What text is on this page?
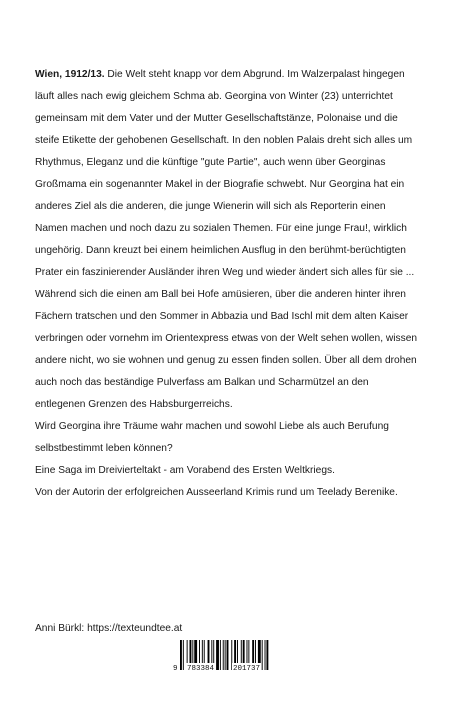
Wien, 1912/13. Die Welt steht knapp vor dem Abgrund. Im Walzerpalast hingegen läuft alles nach ewig gleichem Schma ab. Georgina von Winter (23) unterrichtet gemeinsam mit dem Vater und der Mutter Gesellschaftstänze, Polonaise und die steife Etikette der gehobenen Gesellschaft. In den noblen Palais dreht sich alles um Rhythmus, Eleganz und die künftige "gute Partie", auch wenn über Georginas Großmama ein sogenannter Makel in der Biografie schwebt. Nur Georgina hat ein anderes Ziel als die anderen, die junge Wienerin will sich als Reporterin einen Namen machen und noch dazu zu sozialen Themen. Für eine junge Frau!, wirklich ungehörig. Dann kreuzt bei einem heimlichen Ausflug in den berühmt-berüchtigten Prater ein faszinierender Ausländer ihren Weg und wieder ändert sich alles für sie ...

Während sich die einen am Ball bei Hofe amüsieren, über die anderen hinter ihren Fächern tratschen und den Sommer in Abbazia und Bad Ischl mit dem alten Kaiser verbringen oder vornehm im Orientexpress etwas von der Welt sehen wollen, wissen andere nicht, wo sie wohnen und genug zu essen finden sollen. Über all dem drohen auch noch das beständige Pulverfass am Balkan und Scharmützel an den entlegenen Grenzen des Habsburgerreichs.

Wird Georgina ihre Träume wahr machen und sowohl Liebe als auch Berufung selbstbestimmt leben können?

Eine Saga im Dreivierteltakt - am Vorabend des Ersten Weltkriegs.

Von der Autorin der erfolgreichen Ausseerland Krimis rund um Teelady Berenike.

Anni Bürkl: https://texteundtee.at
9 783384	201737
